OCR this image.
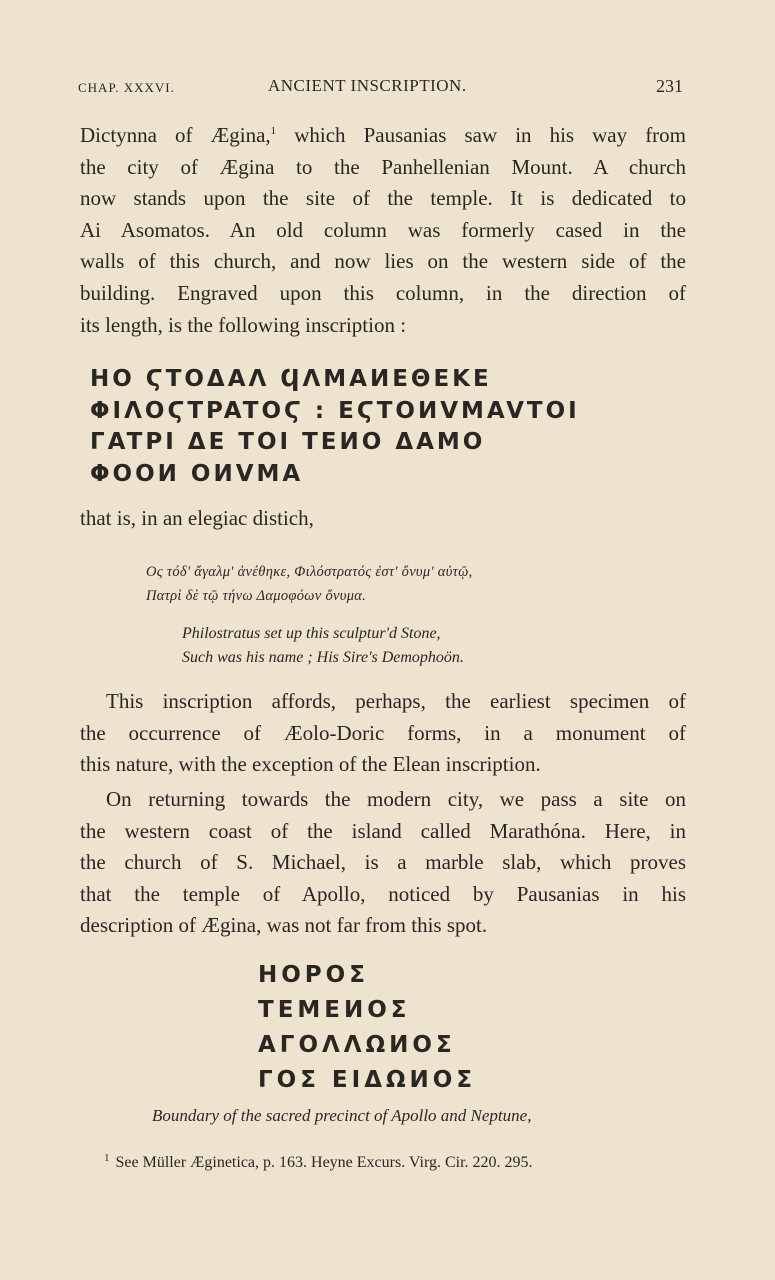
CHAP. XXXVI.	ANCIENT INSCRIPTION.	231

Dictynna of Ægina,$^1$ which Pausanias saw in his way from
the city of Ægina to the Panhellenian Mount. A church
now stands upon the site of the temple. It is dedicated to
Ai Asomatos. An old column was formerly cased in the
walls of this church, and now lies on the western side of the
building. Engraved upon this column, in the direction of
its length, is the following inscription :

HO ϚTOΔAΛ ϤΛMAИEΘEKE
ΦIΛOϚTPATOϚ : EϚTOИVMAVTOI
ΓATPI ΔE TOI TEИO ΔAMO
ΦOOИ OИVMA
that is, in an elegiac distich,
Ος τόδ' ἄγαλμ' ἀνέθηκε, Φιλόστρατός ἐστ' ὄνυμ' αὐτῷ,
Πατρὶ δὲ τῷ τήνω Δαμοφόων ὄνυμα.
Philostratus set up this sculptur'd Stone,
Such was his name ; His Sire's Demophoön.

This inscription affords, perhaps, the earliest specimen of
the occurrence of Æolo-Doric forms, in a monument of
this nature, with the exception of the Elean inscription.

On returning towards the modern city, we pass a site on
the western coast of the island called Marathóna. Here, in
the church of S. Michael, is a marble slab, which proves
that the temple of Apollo, noticed by Pausanias in his
description of Ægina, was not far from this spot.

HOPOΣ
TEMEИOΣ
AΓOΛΛΩИOΣ
ΓOΣ EIΔΩИOΣ
Boundary of the sacred precinct of Apollo and Neptune,
$^1$ See Müller Æginetica, p. 163. Heyne Excurs. Virg. Cir. 220. 295.
